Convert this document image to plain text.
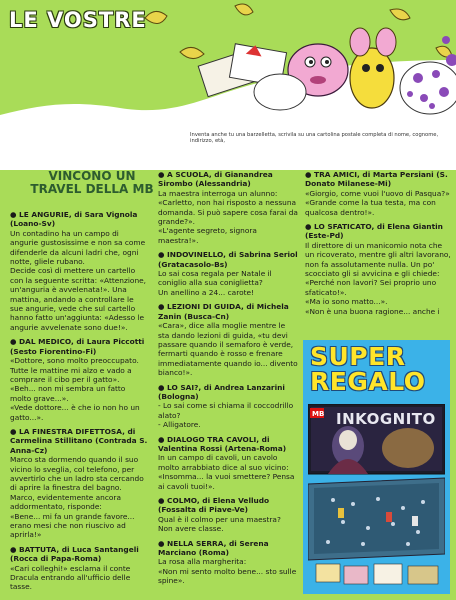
LE VOSTRE
Inventa anche tu una barzelletta, scrivila su una cartolina postale completa di nome, cognome, indirizzo, età,
VINCONO UN
TRAVEL DELLA MB
● LE ANGURIE, di Sara Vignola (Loano-Sv)

Un contadino ha un campo di angurie gustosissime e non sa come difenderle da alcuni ladri che, ogni notte, gliele rubano.
Decide così di mettere un cartello con la seguente scritta: «Attenzione, un'anguria è avvelenata!». Una mattina, andando a controllare le sue angurie, vede che sul cartello hanno fatto un'aggiunta: «Adesso le angurie avvelenate sono due!».

● DAL MEDICO, di Laura Piccotti (Sesto Fiorentino-Fi)

«Dottore, sono molto preoccupato. Tutte le mattine mi alzo e vado a comprare il cibo per il gatto».
«Beh... non mi sembra un fatto molto grave...».
«Vede dottore... è che io non ho un gatto...».

● LA FINESTRA DIFETTOSA, di Carmelina Stillitano (Contrada S. Anna-Cz)

Marco sta dormendo quando il suo vicino lo sveglia, col telefono, per avvertirlo che un ladro sta cercando di aprire la finestra del bagno.
Marco, evidentemente ancora addormentato, risponde:
«Bene... mi fa un grande favore... erano mesi che non riuscivo ad aprirla!»

● BATTUTA, di Luca Santangeli (Rocca di Papa-Roma)

«Cari colleghi!» esclama il conte Dracula entrando all'ufficio delle tasse.

● A SCUOLA, di Gianandrea Sirombo (Alessandria)

La maestra interroga un alunno:
«Carletto, non hai risposto a nessuna domanda. Si può sapere cosa farai da grande?».
«L'agente segreto, signora maestra!».

● INDOVINELLO, di Sabrina Seriol (Gratacasolo-Bs)

Lo sai cosa regala per Natale il coniglio alla sua coniglietta?
Un anellino a 24... carote!

● LEZIONI DI GUIDA, di Michela Zanin (Busca-Cn)

«Cara», dice alla moglie mentre le sta dando lezioni di guida, «tu devi passare quando il semaforo è verde, fermarti quando è rosso e frenare immediatamente quando io... divento bianco!».

● LO SAI?, di Andrea Lanzarini (Bologna)

- Lo sai come si chiama il coccodrillo alato?
- Alligatore.

● DIALOGO TRA CAVOLI, di Valentina Rossi (Artena-Roma)

In un campo di cavoli, un cavolo molto arrabbiato dice al suo vicino:
«Insomma... la vuoi smettere? Pensa ai cavoli tuoi!».

● COLMO, di Elena Velludo (Fossalta di Piave-Ve)

Qual è il colmo per una maestra?
Non avere classe.

● NELLA SERRA, di Serena Marciano (Roma)

La rosa alla margherita:
«Non mi sento molto bene... sto sulle spine».

● TRA AMICI, di Marta Persiani (S. Donato Milanese-Mi)

«Giorgio, come vuoi l'uovo di Pasqua?»
«Grande come la tua testa, ma con qualcosa dentro!».

● LO SFATICATO, di Elena Giantin (Este-Pd)

Il direttore di un manicomio nota che un ricoverato, mentre gli altri lavorano, non fa assolutamente nulla. Un po' scocciato gli si avvicina e gli chiede: «Perché non lavori? Sei proprio uno sfaticato!».
«Ma io sono matto...».
«Non è una buona ragione... anche i

SUPER
REGALO
MB INKOGNITO
